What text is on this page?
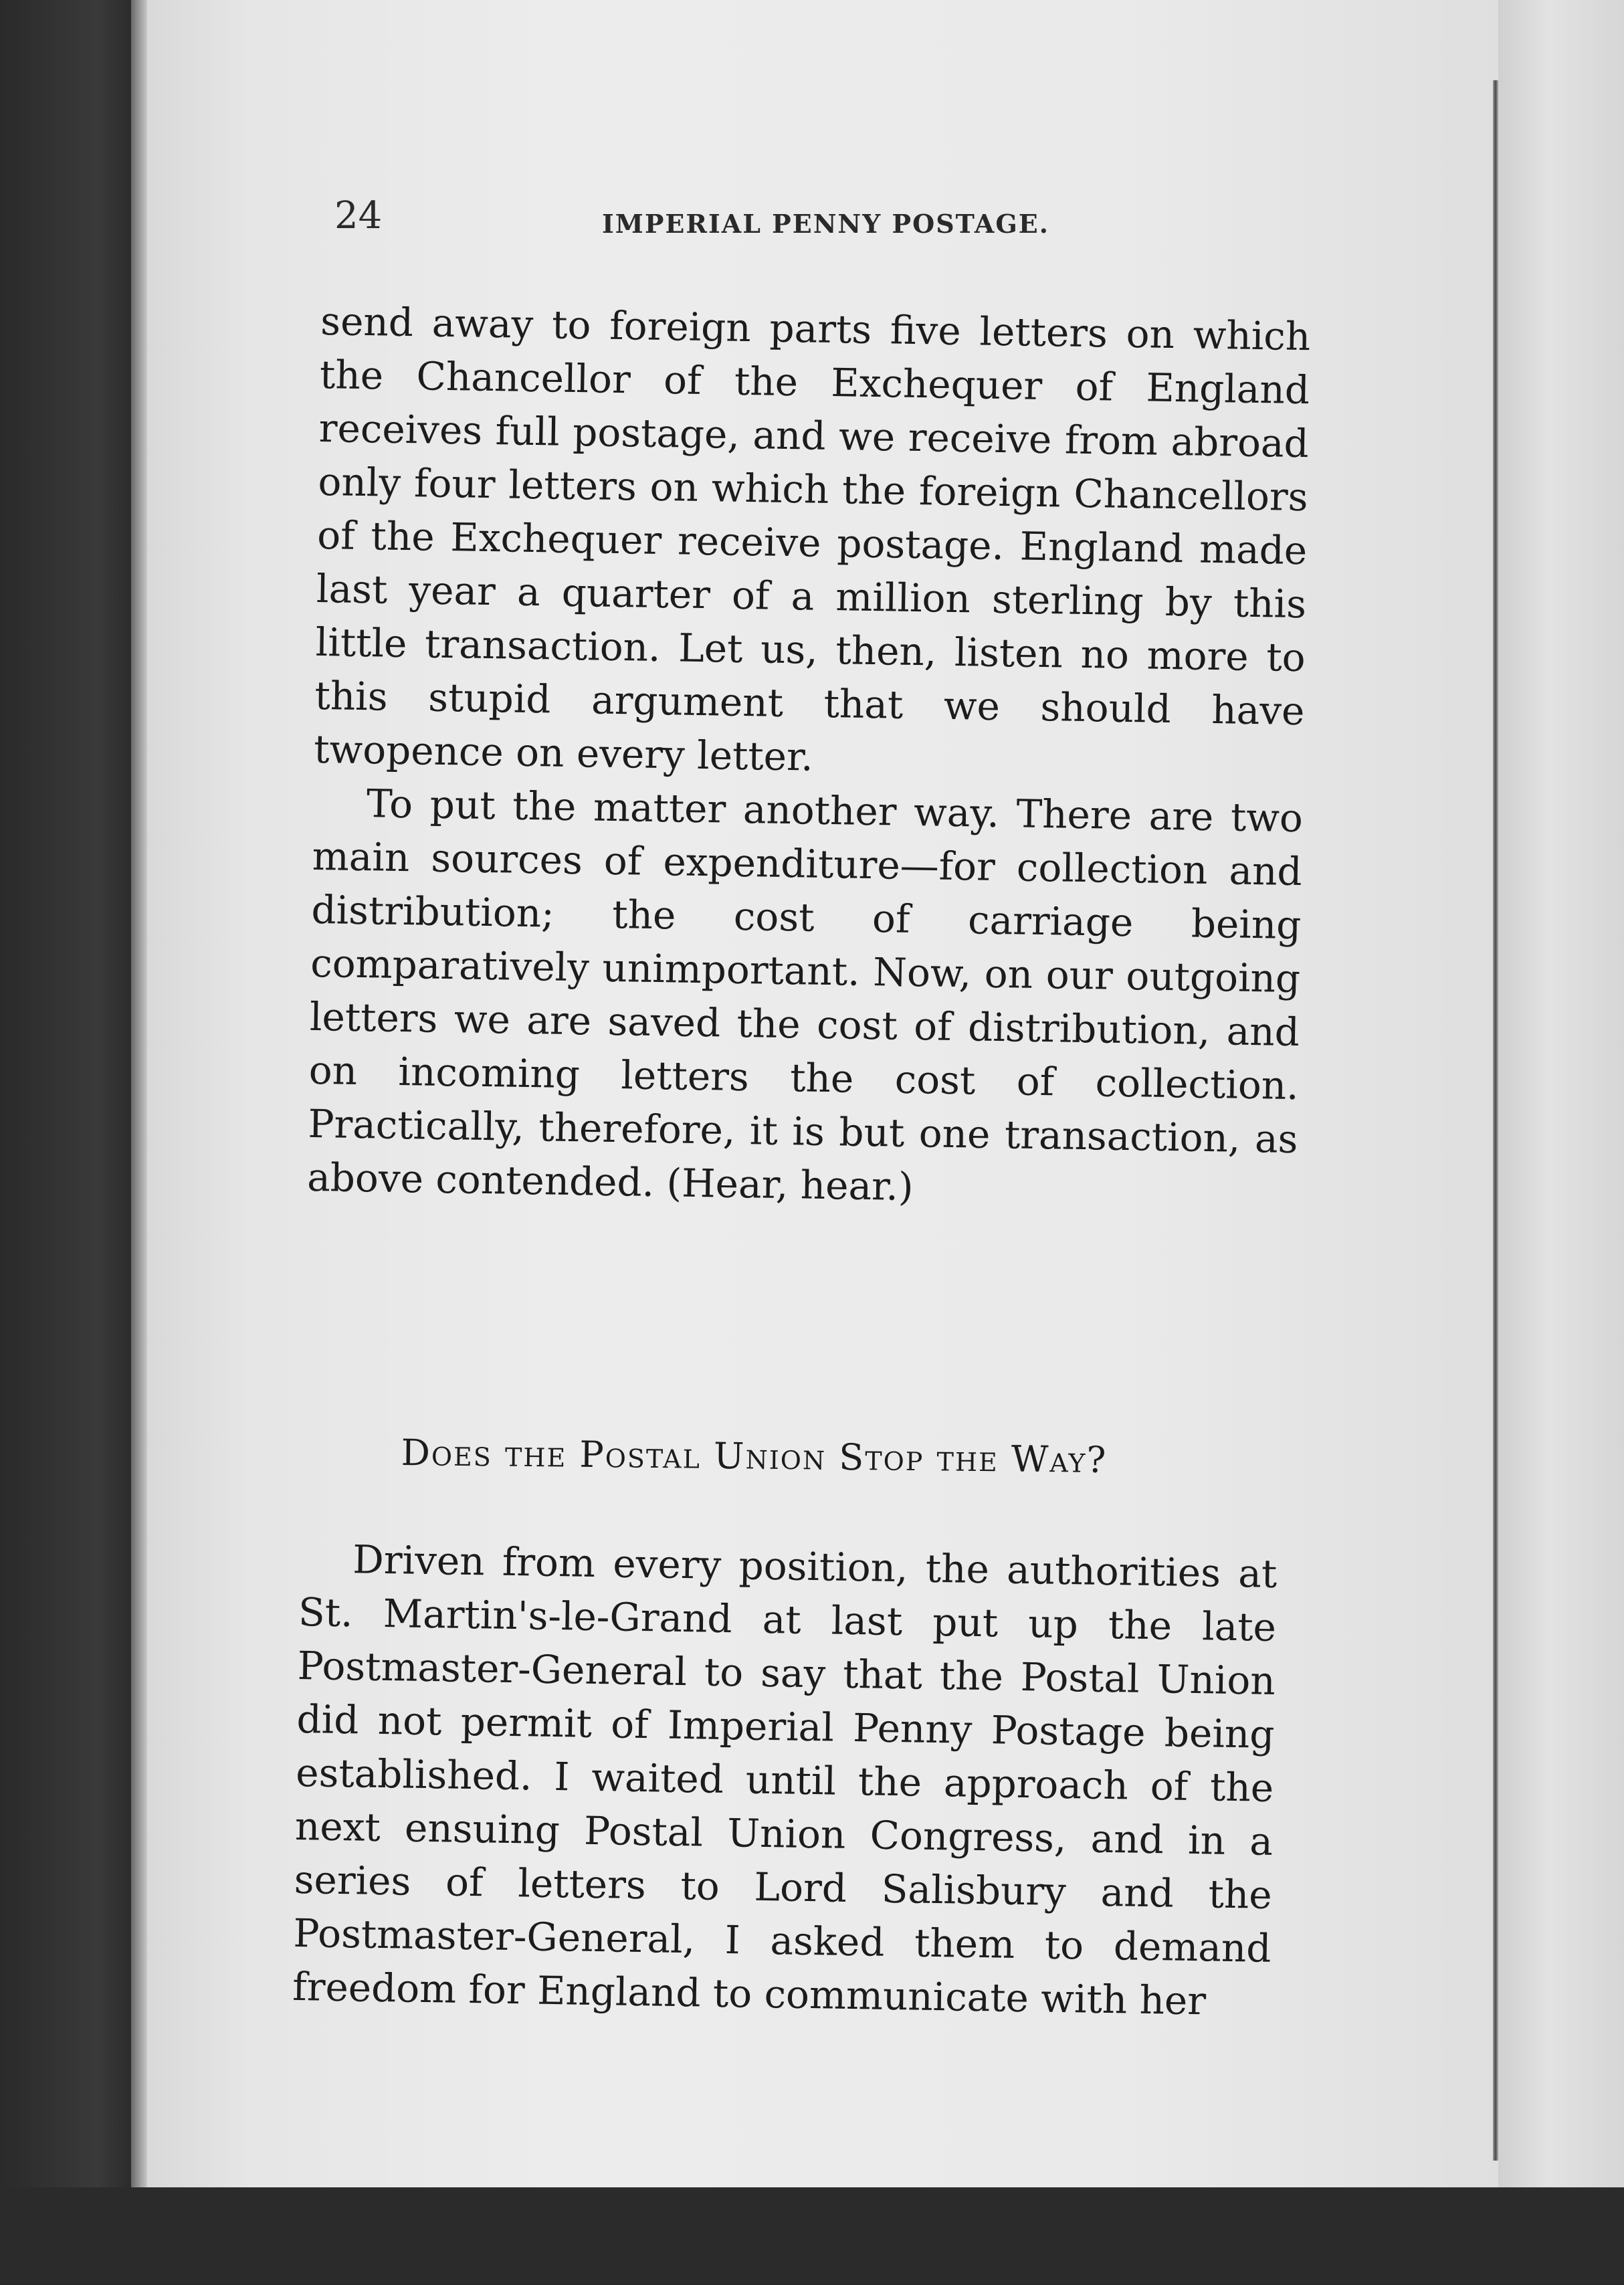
24	IMPERIAL PENNY POSTAGE.

send away to foreign parts five letters on which the Chancellor of the Exchequer of England receives full postage, and we receive from abroad only four letters on which the foreign Chancellors of the Exchequer receive postage. England made last year a quarter of a million sterling by this little transaction. Let us, then, listen no more to this stupid argument that we should have twopence on every letter.

To put the matter another way. There are two main sources of expenditure—for collection and distribution; the cost of carriage being comparatively unimportant. Now, on our outgoing letters we are saved the cost of distribution, and on incoming letters the cost of collection. Practically, therefore, it is but one transaction, as above contended. (Hear, hear.)

Does the Postal Union Stop the Way?

Driven from every position, the authorities at St. Martin's-le-Grand at last put up the late Postmaster-General to say that the Postal Union did not permit of Imperial Penny Postage being established. I waited until the approach of the next ensuing Postal Union Congress, and in a series of letters to Lord Salisbury and the Postmaster-General, I asked them to demand freedom for England to communicate with her
